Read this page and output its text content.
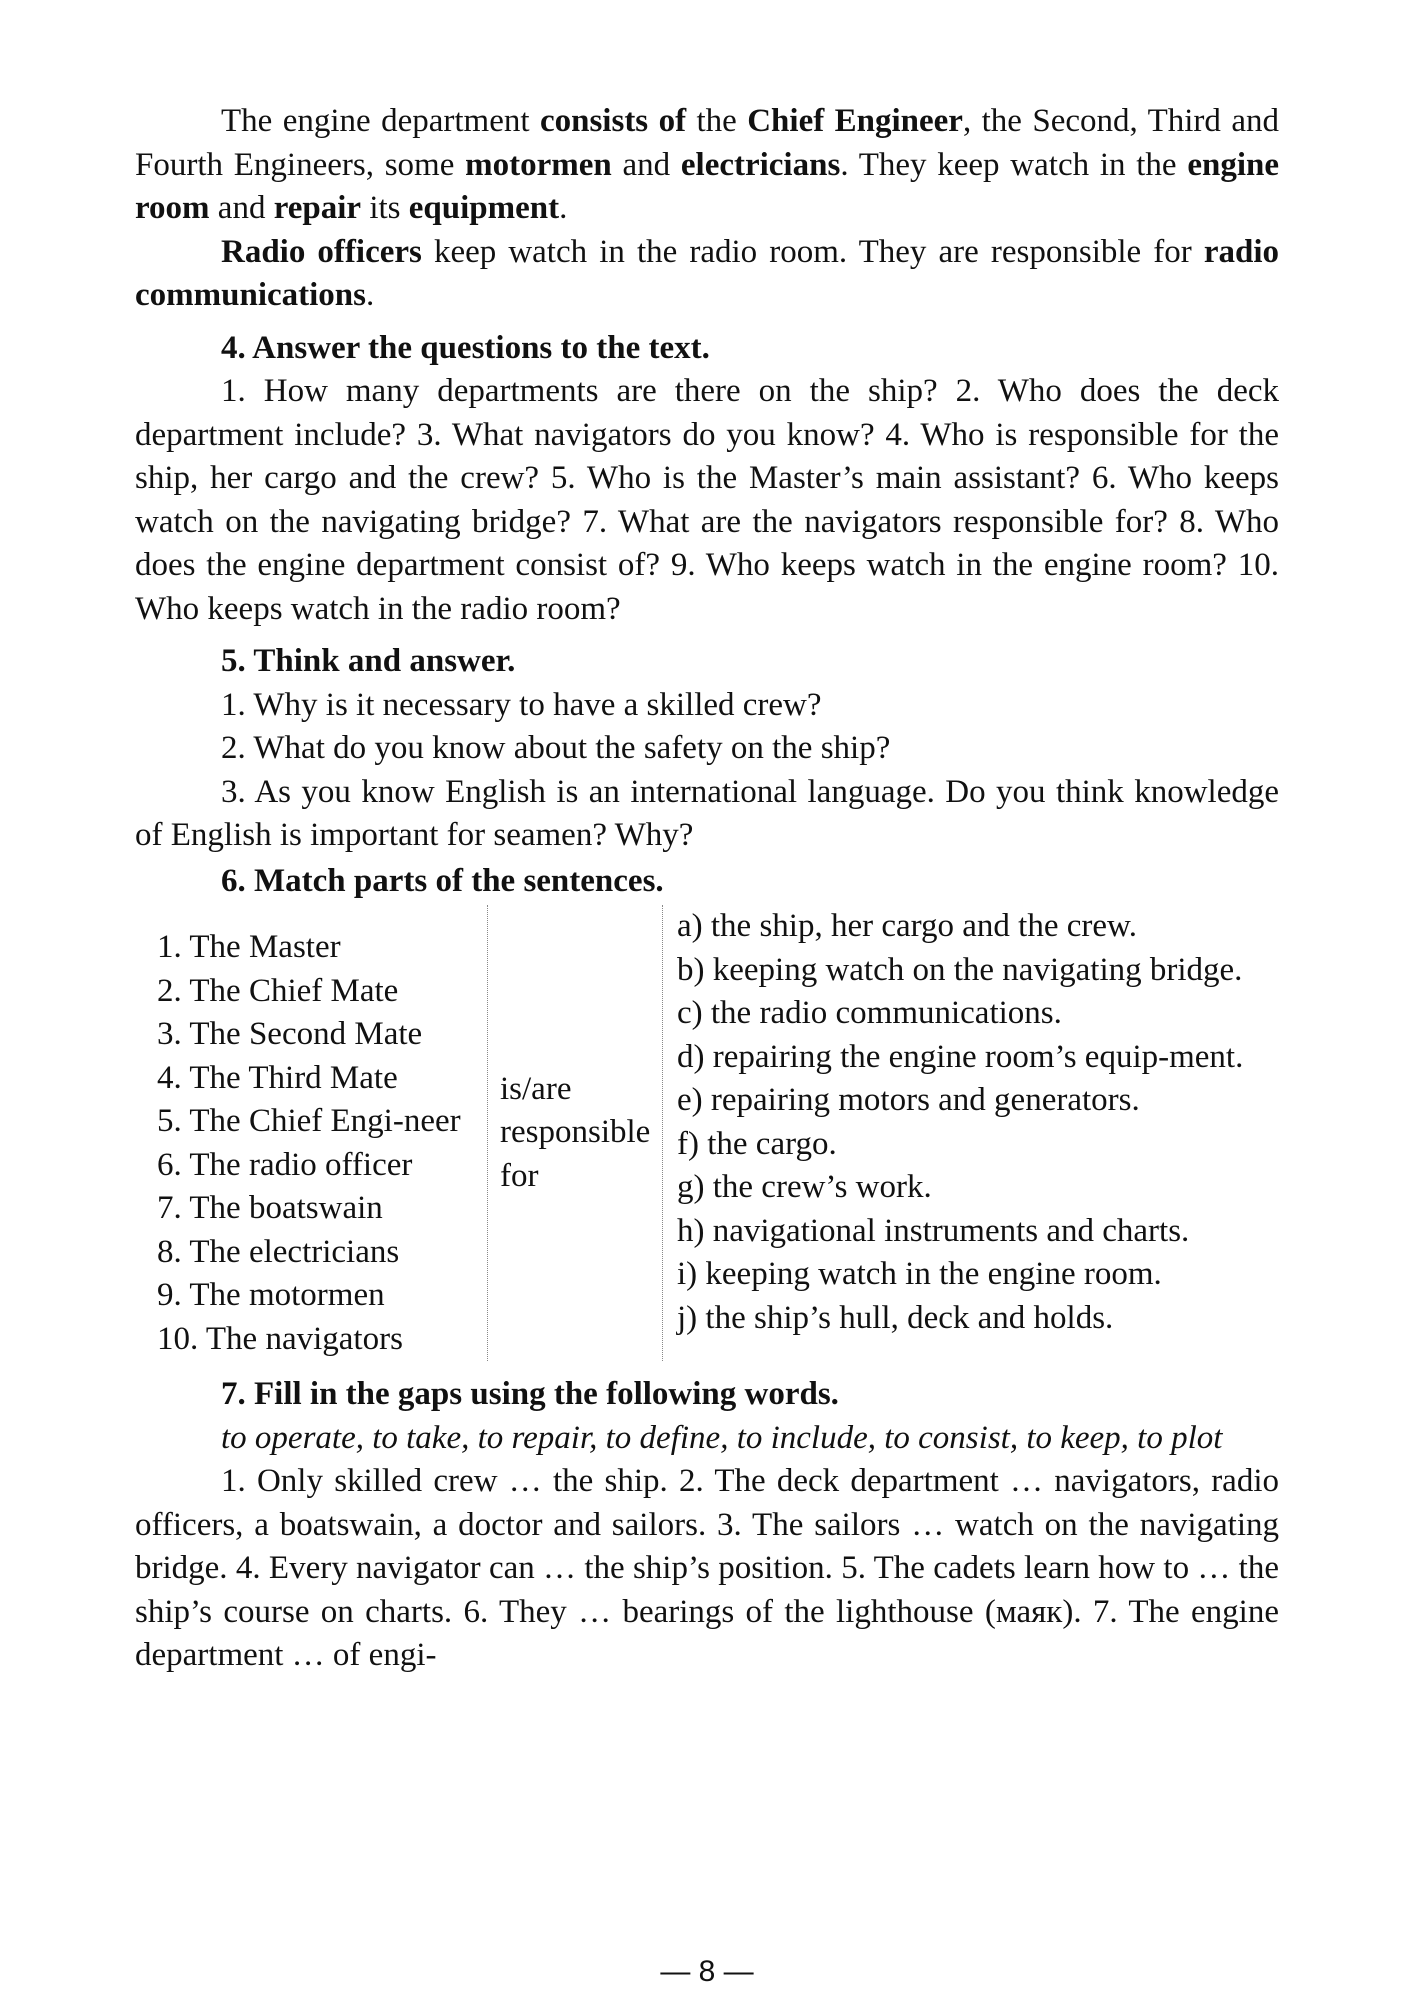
The engine department consists of the Chief Engineer, the Second, Third and Fourth Engineers, some motormen and electricians. They keep watch in the engine room and repair its equipment.

Radio officers keep watch in the radio room. They are responsible for radio communications.

4. Answer the questions to the text.

1. How many departments are there on the ship? 2. Who does the deck department include? 3. What navigators do you know? 4. Who is responsible for the ship, her cargo and the crew? 5. Who is the Master’s main assistant? 6. Who keeps watch on the navigating bridge? 7. What are the navigators responsible for? 8. Who does the engine department consist of? 9. Who keeps watch in the engine room? 10. Who keeps watch in the radio room?

5. Think and answer.

1. Why is it necessary to have a skilled crew?

2. What do you know about the safety on the ship?

3. As you know English is an international language. Do you think knowledge of English is important for seamen? Why?

6. Match parts of the sentences.

1. The Master
2. The Chief Mate
3. The Second Mate
4. The Third Mate
5. The Chief Engi-neer
6. The radio officer
7. The boatswain
8. The electricians
9. The motormen
10. The navigators
is/are responsible for
a) the ship, her cargo and the crew.
b) keeping watch on the navigating bridge.
c) the radio communications.
d) repairing the engine room’s equip-ment.
e) repairing motors and generators.
f) the cargo.
g) the crew’s work.
h) navigational instruments and charts.
i) keeping watch in the engine room.
j) the ship’s hull, deck and holds.

7. Fill in the gaps using the following words.

to operate, to take, to repair, to define, to include, to consist, to keep, to plot

1. Only skilled crew … the ship. 2. The deck department … navigators, radio officers, a boatswain, a doctor and sailors. 3. The sailors … watch on the navigating bridge. 4. Every navigator can … the ship’s position. 5. The cadets learn how to … the ship’s course on charts. 6. They … bearings of the lighthouse (маяк). 7. The engine department … of engi-

— 8 —
